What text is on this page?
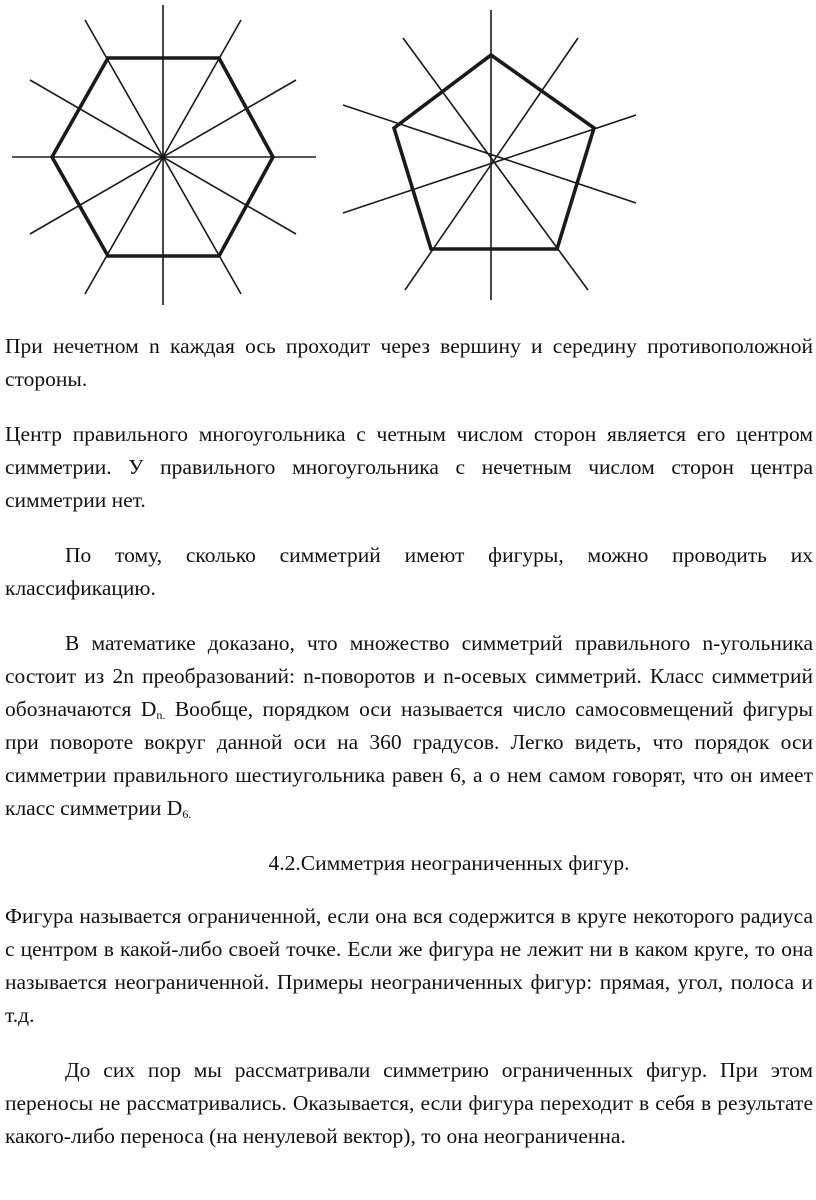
При нечетном n каждая ось проходит через вершину и середину противоположной стороны.

Центр правильного многоугольника с четным числом сторон является его центром симметрии. У правильного многоугольника с нечетным числом сторон центра симметрии нет.

По тому, сколько симметрий имеют фигуры, можно проводить их классификацию.

В математике доказано, что множество симметрий правильного n-угольника состоит из 2n преобразований: n-поворотов и n-осевых симметрий. Класс симметрий обозначаются $D_{n.}$ Вообще, порядком оси называется число самосовмещений фигуры при повороте вокруг данной оси на 360 градусов. Легко видеть, что порядок оси симметрии правильного шестиугольника равен 6, а о нем самом говорят, что он имеет класс симметрии $D_{6.}$

4.2.Симметрия неограниченных фигур.

Фигура называется ограниченной, если она вся содержится в круге некоторого радиуса с центром в какой-либо своей точке. Если же фигура не лежит ни в каком круге, то она называется неограниченной. Примеры неограниченных фигур: прямая, угол, полоса и т.д.

До сих пор мы рассматривали симметрию ограниченных фигур. При этом переносы не рассматривались. Оказывается, если фигура переходит в себя в результате какого-либо переноса (на ненулевой вектор), то она неограниченна.
